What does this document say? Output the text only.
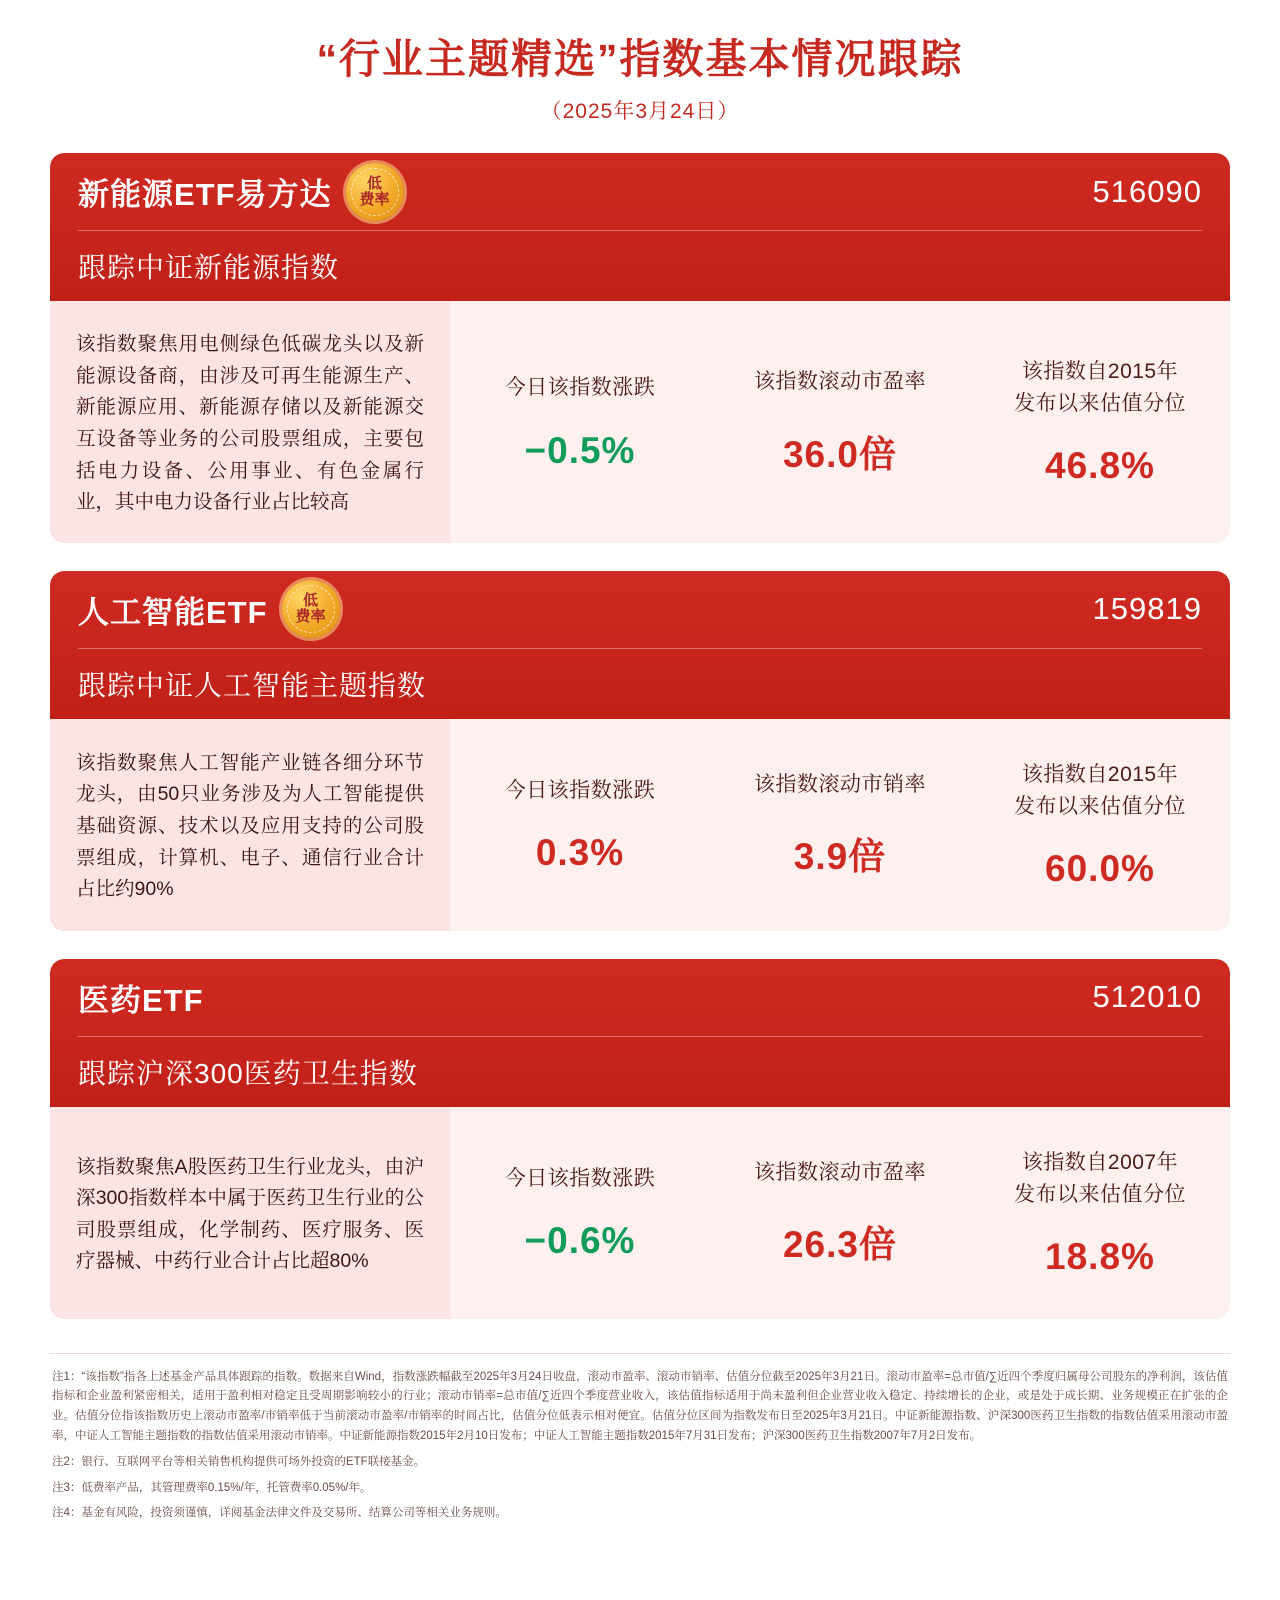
“行业主题精选”指数基本情况跟踪
（2025年3月24日）
新能源ETF易方达 低
费率	516090
跟踪中证新能源指数
该指数聚焦用电侧绿色低碳龙头以及新能源设备商，由涉及可再生能源生产、新能源应用、新能源存储以及新能源交互设备等业务的公司股票组成，主要包括电力设备、公用事业、有色金属行业，其中电力设备行业占比较高
今日该指数涨跌
−0.5%
该指数滚动市盈率
36.0倍
该指数自2015年
发布以来估值分位
46.8%
人工智能ETF 低
费率	159819
跟踪中证人工智能主题指数
该指数聚焦人工智能产业链各细分环节龙头，由50只业务涉及为人工智能提供基础资源、技术以及应用支持的公司股票组成，计算机、电子、通信行业合计占比约90%
今日该指数涨跌
0.3%
该指数滚动市销率
3.9倍
该指数自2015年
发布以来估值分位
60.0%
医药ETF	512010
跟踪沪深300医药卫生指数
该指数聚焦A股医药卫生行业龙头，由沪深300指数样本中属于医药卫生行业的公司股票组成，化学制药、医疗服务、医疗器械、中药行业合计占比超80%
今日该指数涨跌
−0.6%
该指数滚动市盈率
26.3倍
该指数自2007年
发布以来估值分位
18.8%

注1：“该指数”指各上述基金产品具体跟踪的指数。数据来自Wind，指数涨跌幅截至2025年3月24日收盘，滚动市盈率、滚动市销率、估值分位截至2025年3月21日。滚动市盈率=总市值/∑近四个季度归属母公司股东的净利润，该估值指标和企业盈利紧密相关，适用于盈利相对稳定且受周期影响较小的行业；滚动市销率=总市值/∑近四个季度营业收入，该估值指标适用于尚未盈利但企业营业收入稳定、持续增长的企业，或是处于成长期、业务规模正在扩张的企业。估值分位指该指数历史上滚动市盈率/市销率低于当前滚动市盈率/市销率的时间占比，估值分位低表示相对便宜。估值分位区间为指数发布日至2025年3月21日。中证新能源指数、沪深300医药卫生指数的指数估值采用滚动市盈率，中证人工智能主题指数的指数估值采用滚动市销率。中证新能源指数2015年2月10日发布；中证人工智能主题指数2015年7月31日发布；沪深300医药卫生指数2007年7月2日发布。

注2：银行、互联网平台等相关销售机构提供可场外投资的ETF联接基金。

注3：低费率产品，其管理费率0.15%/年，托管费率0.05%/年。

注4：基金有风险，投资须谨慎，详阅基金法律文件及交易所、结算公司等相关业务规则。
